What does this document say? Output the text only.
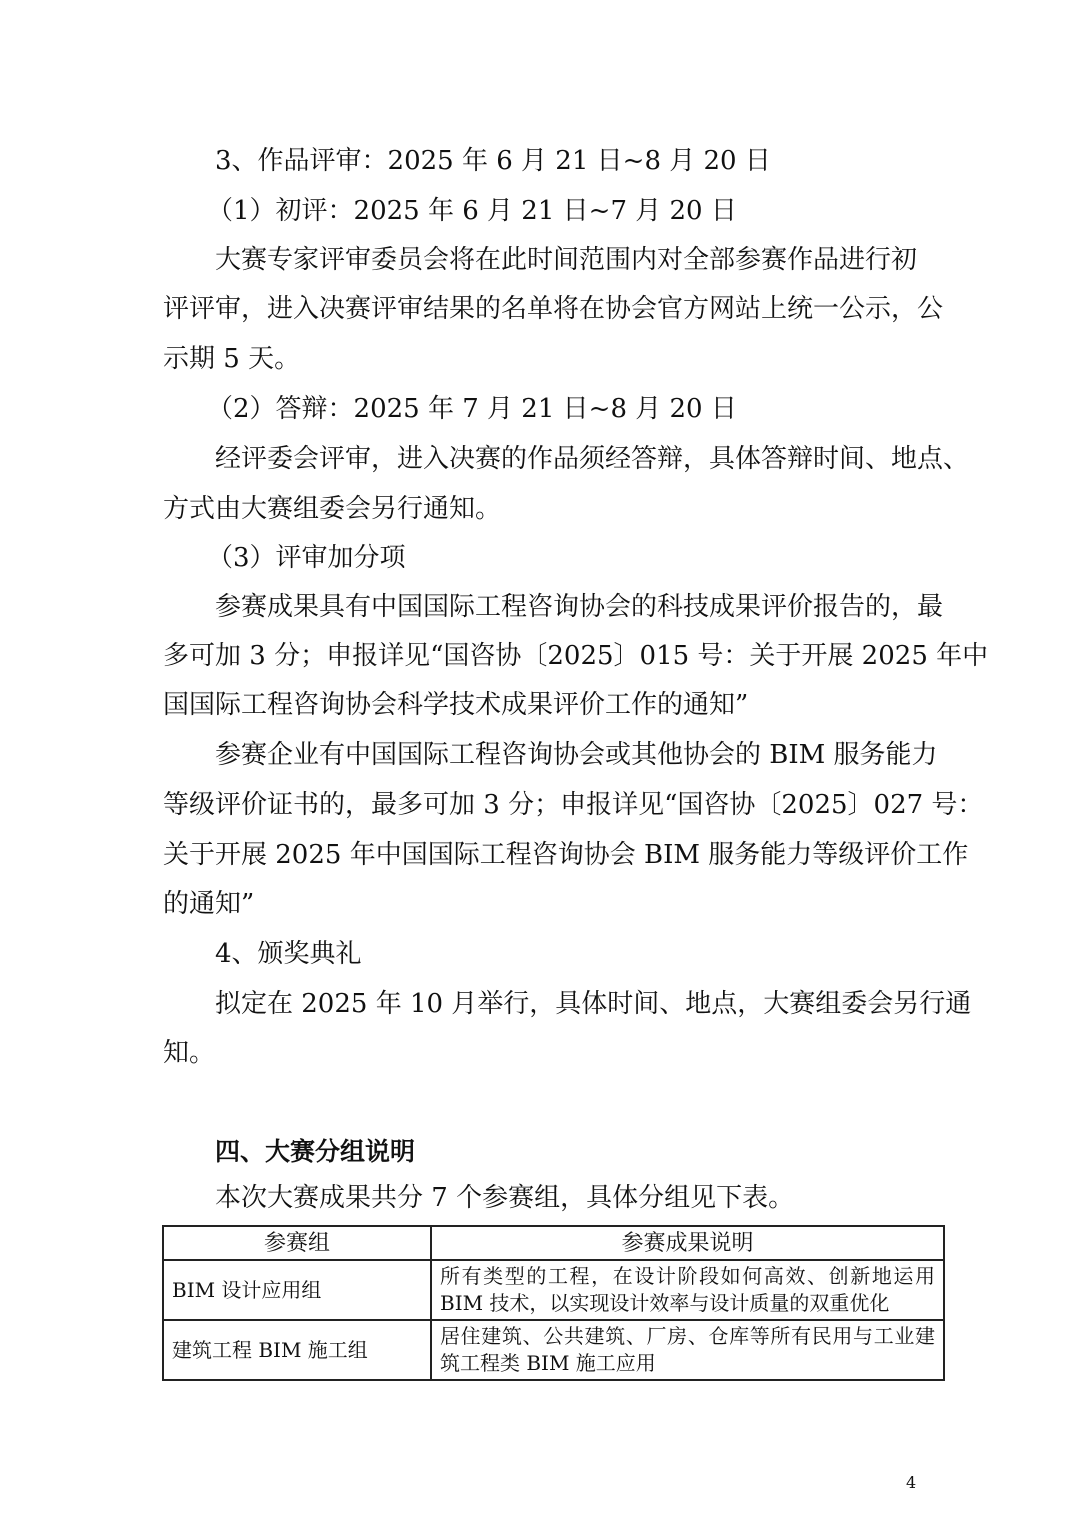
3、作品评审：2025 年 6 月 21 日~8 月 20 日
（1）初评：2025 年 6 月 21 日~7 月 20 日
大赛专家评审委员会将在此时间范围内对全部参赛作品进行初
评评审，进入决赛评审结果的名单将在协会官方网站上统一公示，公
示期 5 天。
（2）答辩：2025 年 7 月 21 日~8 月 20 日
经评委会评审，进入决赛的作品须经答辩，具体答辩时间、地点、
方式由大赛组委会另行通知。
（3）评审加分项
参赛成果具有中国国际工程咨询协会的科技成果评价报告的，最
多可加 3 分；申报详见“国咨协〔2025〕015 号：关于开展 2025 年中
国国际工程咨询协会科学技术成果评价工作的通知”
参赛企业有中国国际工程咨询协会或其他协会的 BIM 服务能力
等级评价证书的，最多可加 3 分；申报详见“国咨协〔2025〕027 号：
关于开展 2025 年中国国际工程咨询协会 BIM 服务能力等级评价工作
的通知”
4、颁奖典礼
拟定在 2025 年 10 月举行，具体时间、地点，大赛组委会另行通
知。
四、大赛分组说明
本次大赛成果共分 7 个参赛组，具体分组见下表。
参赛组	参赛成果说明
BIM 设计应用组	所有类型的工程，在设计阶段如何高效、创新地运用 BIM 技术，以实现设计效率与设计质量的双重优化
建筑工程 BIM 施工组	居住建筑、公共建筑、厂房、仓库等所有民用与工业建筑工程类 BIM 施工应用
4
